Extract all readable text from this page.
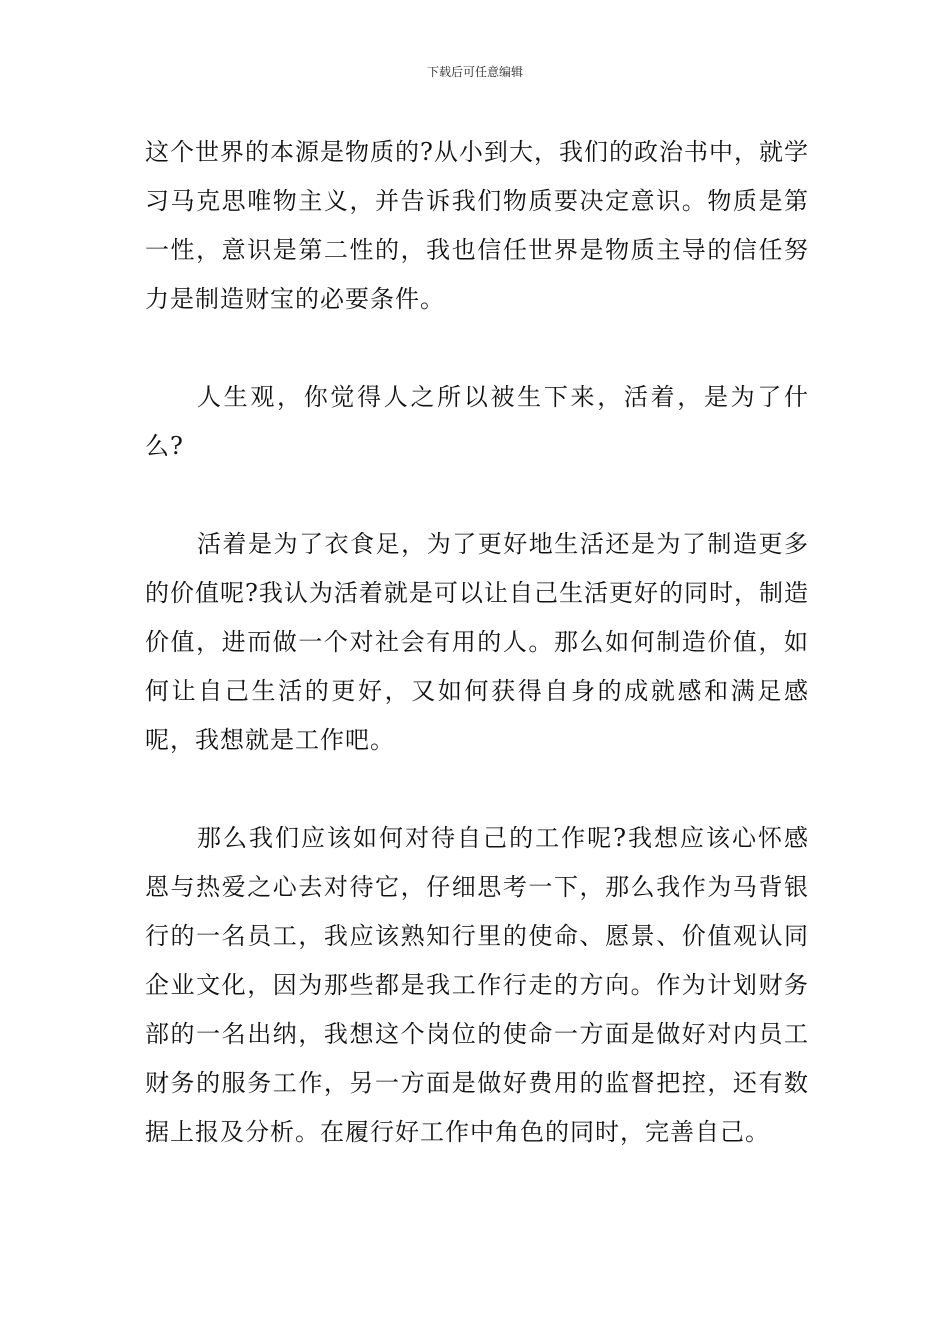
下载后可任意编辑

这个世界的本源是物质的?从小到大，我们的政治书中，就学习马克思唯物主义，并告诉我们物质要决定意识。物质是第一性，意识是第二性的，我也信任世界是物质主导的信任努力是制造财宝的必要条件。

人生观，你觉得人之所以被生下来，活着，是为了什么?

活着是为了衣食足，为了更好地生活还是为了制造更多的价值呢?我认为活着就是可以让自己生活更好的同时，制造价值，进而做一个对社会有用的人。那么如何制造价值，如何让自己生活的更好，又如何获得自身的成就感和满足感呢，我想就是工作吧。

那么我们应该如何对待自己的工作呢?我想应该心怀感恩与热爱之心去对待它，仔细思考一下，那么我作为马背银行的一名员工，我应该熟知行里的使命、愿景、价值观认同企业文化，因为那些都是我工作行走的方向。作为计划财务部的一名出纳，我想这个岗位的使命一方面是做好对内员工财务的服务工作，另一方面是做好费用的监督把控，还有数据上报及分析。在履行好工作中角色的同时，完善自己。
